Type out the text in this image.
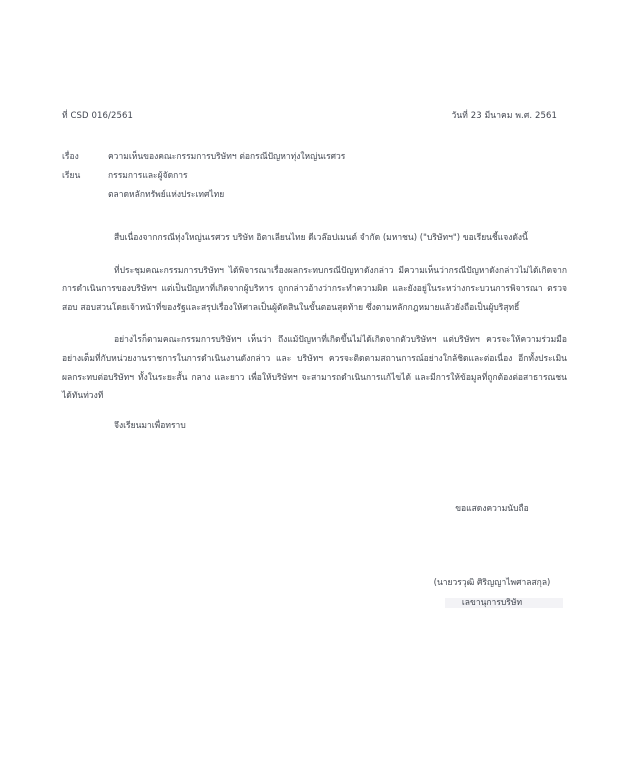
ที่ CSD 016/2561	วันที่ 23 มีนาคม พ.ศ. 2561
เรื่อง	ความเห็นของคณะกรรมการบริษัทฯ ต่อกรณีปัญหาทุ่งใหญ่นเรศวร
เรียน	กรรมการและผู้จัดการ
ตลาดหลักทรัพย์แห่งประเทศไทย

สืบเนื่องจากกรณีทุ่งใหญ่นเรศวร บริษัท อิตาเลียนไทย ดีเวล๊อปเมนต์ จำกัด (มหาชน) ("บริษัทฯ") ขอเรียนชี้แจงดังนี้

ที่ประชุมคณะกรรมการบริษัทฯ ได้พิจารณาเรื่องผลกระทบกรณีปัญหาดังกล่าว มีความเห็นว่ากรณีปัญหาดังกล่าวไม่ได้เกิดจากการดำเนินการของบริษัทฯ แต่เป็นปัญหาที่เกิดจากผู้บริหาร ถูกกล่าวอ้างว่ากระทำความผิด และยังอยู่ในระหว่างกระบวนการพิจารณา ตรวจสอบ สอบสวนโดยเจ้าหน้าที่ของรัฐและสรุปเรื่องให้ศาลเป็นผู้ตัดสินในขั้นตอนสุดท้าย ซึ่งตามหลักกฎหมายแล้วยังถือเป็นผู้บริสุทธิ์

อย่างไรก็ตามคณะกรรมการบริษัทฯ เห็นว่า ถึงแม้ปัญหาที่เกิดขึ้นไม่ได้เกิดจากตัวบริษัทฯ แต่บริษัทฯ ควรจะให้ความร่วมมืออย่างเต็มที่กับหน่วยงานราชการในการดำเนินงานดังกล่าว และ บริษัทฯ ควรจะติดตามสถานการณ์อย่างใกล้ชิดและต่อเนื่อง อีกทั้งประเมินผลกระทบต่อบริษัทฯ ทั้งในระยะสั้น กลาง และยาว เพื่อให้บริษัทฯ จะสามารถดำเนินการแก้ไขได้ และมีการให้ข้อมูลที่ถูกต้องต่อสาธารณชนได้ทันท่วงที

จึงเรียนมาเพื่อทราบ
ขอแสดงความนับถือ
(นายวรวุฒิ ศิริญญาไพศาลสกุล)
เลขานุการบริษัท
